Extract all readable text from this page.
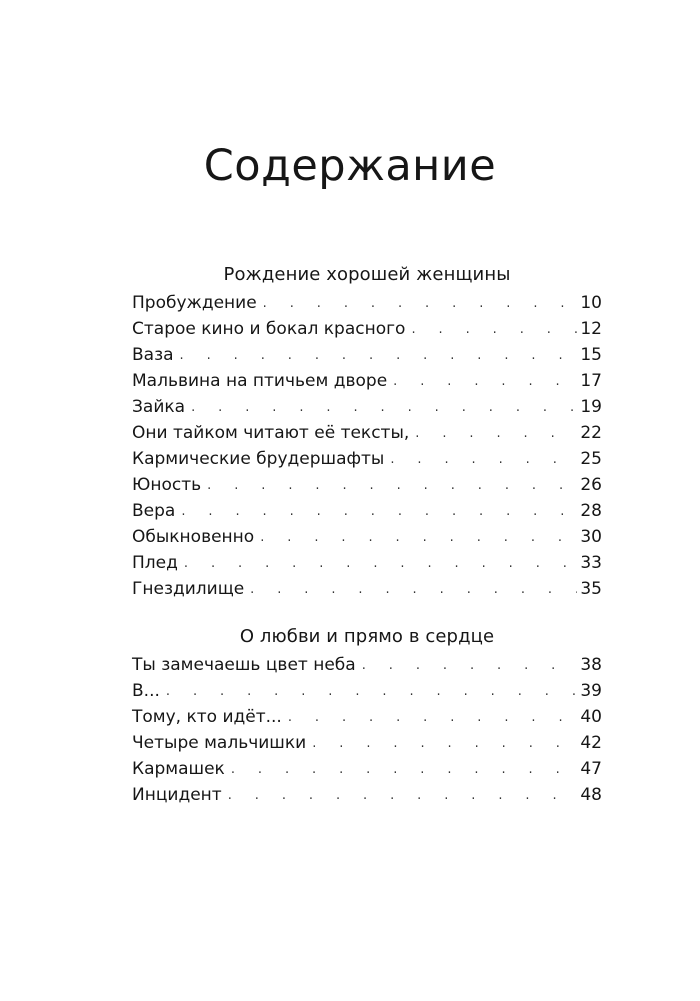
Содержание
Рождение хорошей женщины
Пробуждение . . .	10
Старое кино и бокал красного . . .	12
Ваза . . .	15
Мальвина на птичьем дворе . . .	17
Зайка . . .	19
Они тайком читают её тексты, . . .	22
Кармические брудершафты . . .	25
Юность . . .	26
Вера . . .	28
Обыкновенно . . .	30
Плед . . .	33
Гнездилище . . .	35
О любви и прямо в сердце
Ты замечаешь цвет неба . . .	38
В... . . .	39
Тому, кто идёт... . . .	40
Четыре мальчишки . . .	42
Кармашек . . .	47
Инцидент . . .	48
